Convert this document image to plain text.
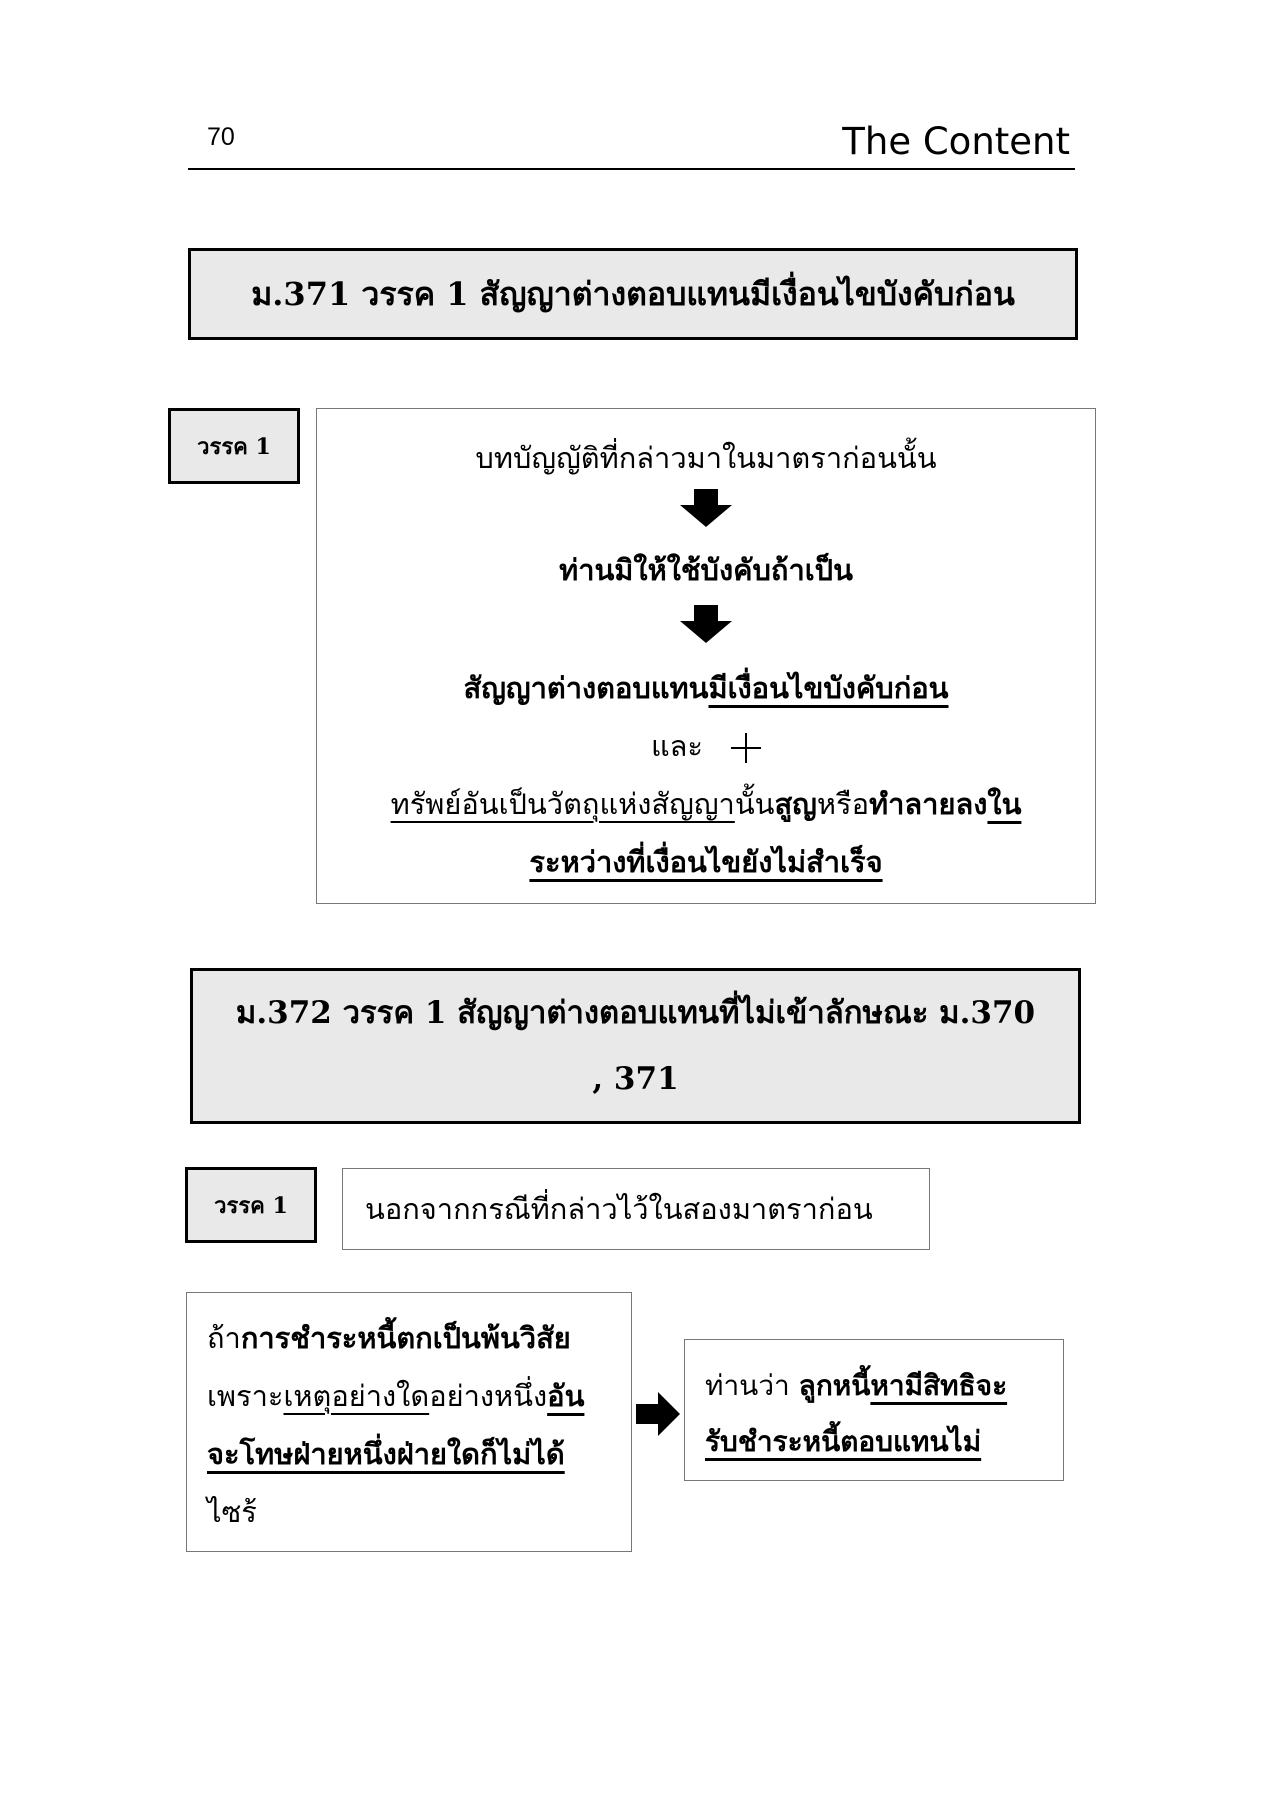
70	The Content
ม.371 วรรค 1 สัญญาต่างตอบแทนมีเงื่อนไขบังคับก่อน
วรรค 1	บทบัญญัติที่กล่าวมาในมาตราก่อนนั้น
ท่านมิให้ใช้บังคับถ้าเป็น
สัญญาต่างตอบแทนมีเงื่อนไขบังคับก่อน
และ
ทรัพย์อันเป็นวัตถุแห่งสัญญานั้นสูญหรือทำลายลงใน
ระหว่างที่เงื่อนไขยังไม่สำเร็จ
ม.372 วรรค 1 สัญญาต่างตอบแทนที่ไม่เข้าลักษณะ ม.370 , 371
วรรค 1	นอกจากกรณีที่กล่าวไว้ในสองมาตราก่อน
ถ้าการชำระหนี้ตกเป็นพ้นวิสัย
เพราะเหตุอย่างใดอย่างหนึ่งอัน
จะโทษฝ่ายหนึ่งฝ่ายใดก็ไม่ได้
ไซร้
ท่านว่า ลูกหนี้หามีสิทธิจะ
รับชำระหนี้ตอบแทนไม่
